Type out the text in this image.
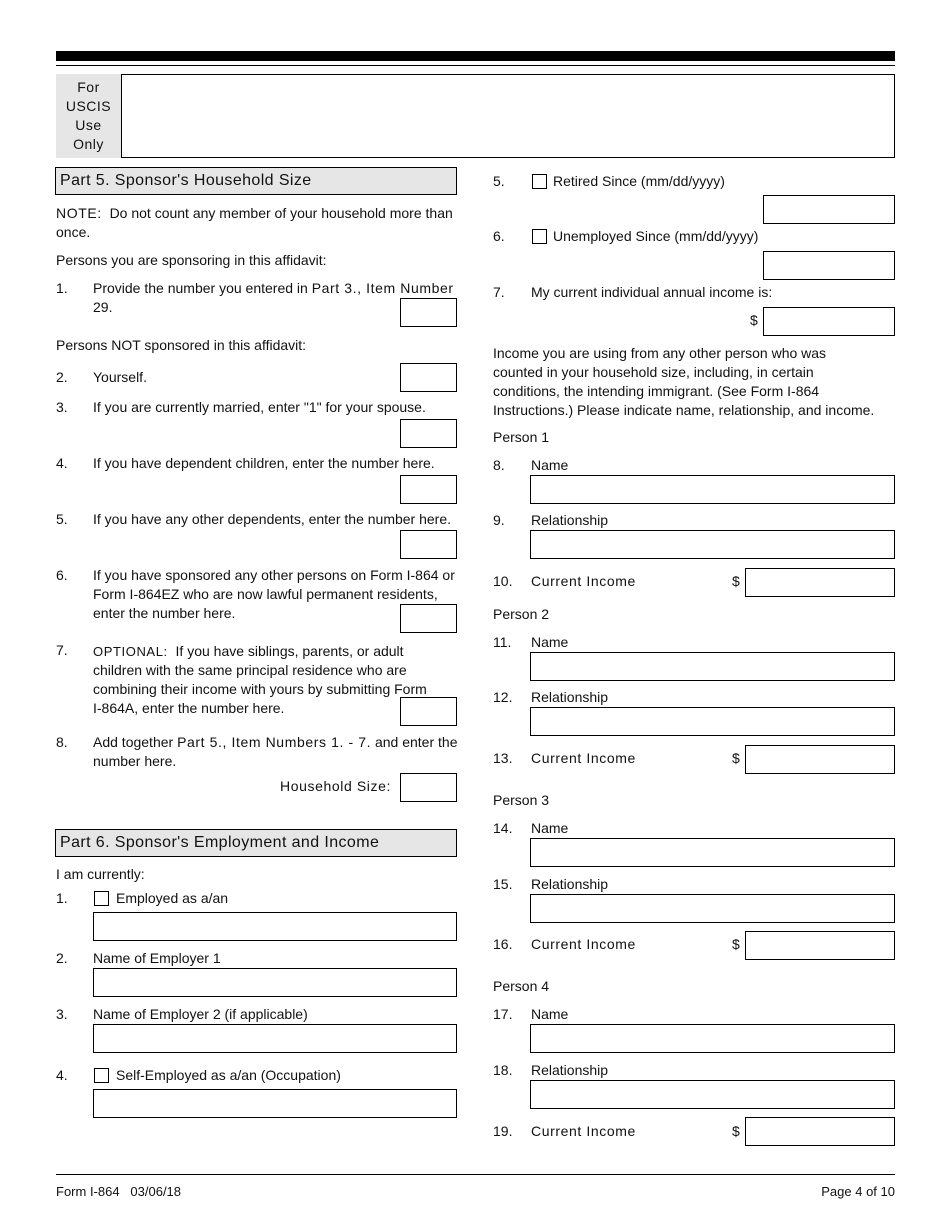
For USCIS Use Only
Part 5. Sponsor's Household Size
NOTE: Do not count any member of your household more than once.
Persons you are sponsoring in this affidavit:
1. Provide the number you entered in Part 3., Item Number
29.
Persons NOT sponsored in this affidavit:
2. Yourself.
3. If you are currently married, enter "1" for your spouse.
4. If you have dependent children, enter the number here.
5. If you have any other dependents, enter the number here.
6. If you have sponsored any other persons on Form I-864 or
Form I-864EZ who are now lawful permanent residents,
enter the number here.
7. OPTIONAL: If you have siblings, parents, or adult
children with the same principal residence who are
combining their income with yours by submitting Form
I-864A, enter the number here.
8. Add together Part 5., Item Numbers 1. - 7. and enter the
number here.
Household Size:
Part 6. Sponsor's Employment and Income
I am currently:
1.	Employed as a/an
2. Name of Employer 1
3. Name of Employer 2 (if applicable)
4.	Self-Employed as a/an (Occupation)
5.	Retired Since (mm/dd/yyyy)
6.	Unemployed Since (mm/dd/yyyy)
7. My current individual annual income is:
$
Income you are using from any other person who was
counted in your household size, including, in certain
conditions, the intending immigrant. (See Form I-864
Instructions.) Please indicate name, relationship, and income.
Person 1
8. Name
9. Relationship
10. Current Income	$
Person 2
11. Name
12. Relationship
13. Current Income	$
Person 3
14. Name
15. Relationship
16. Current Income	$
Person 4
17. Name
18. Relationship
19. Current Income	$
Form I-864   03/06/18	Page 4 of 10
